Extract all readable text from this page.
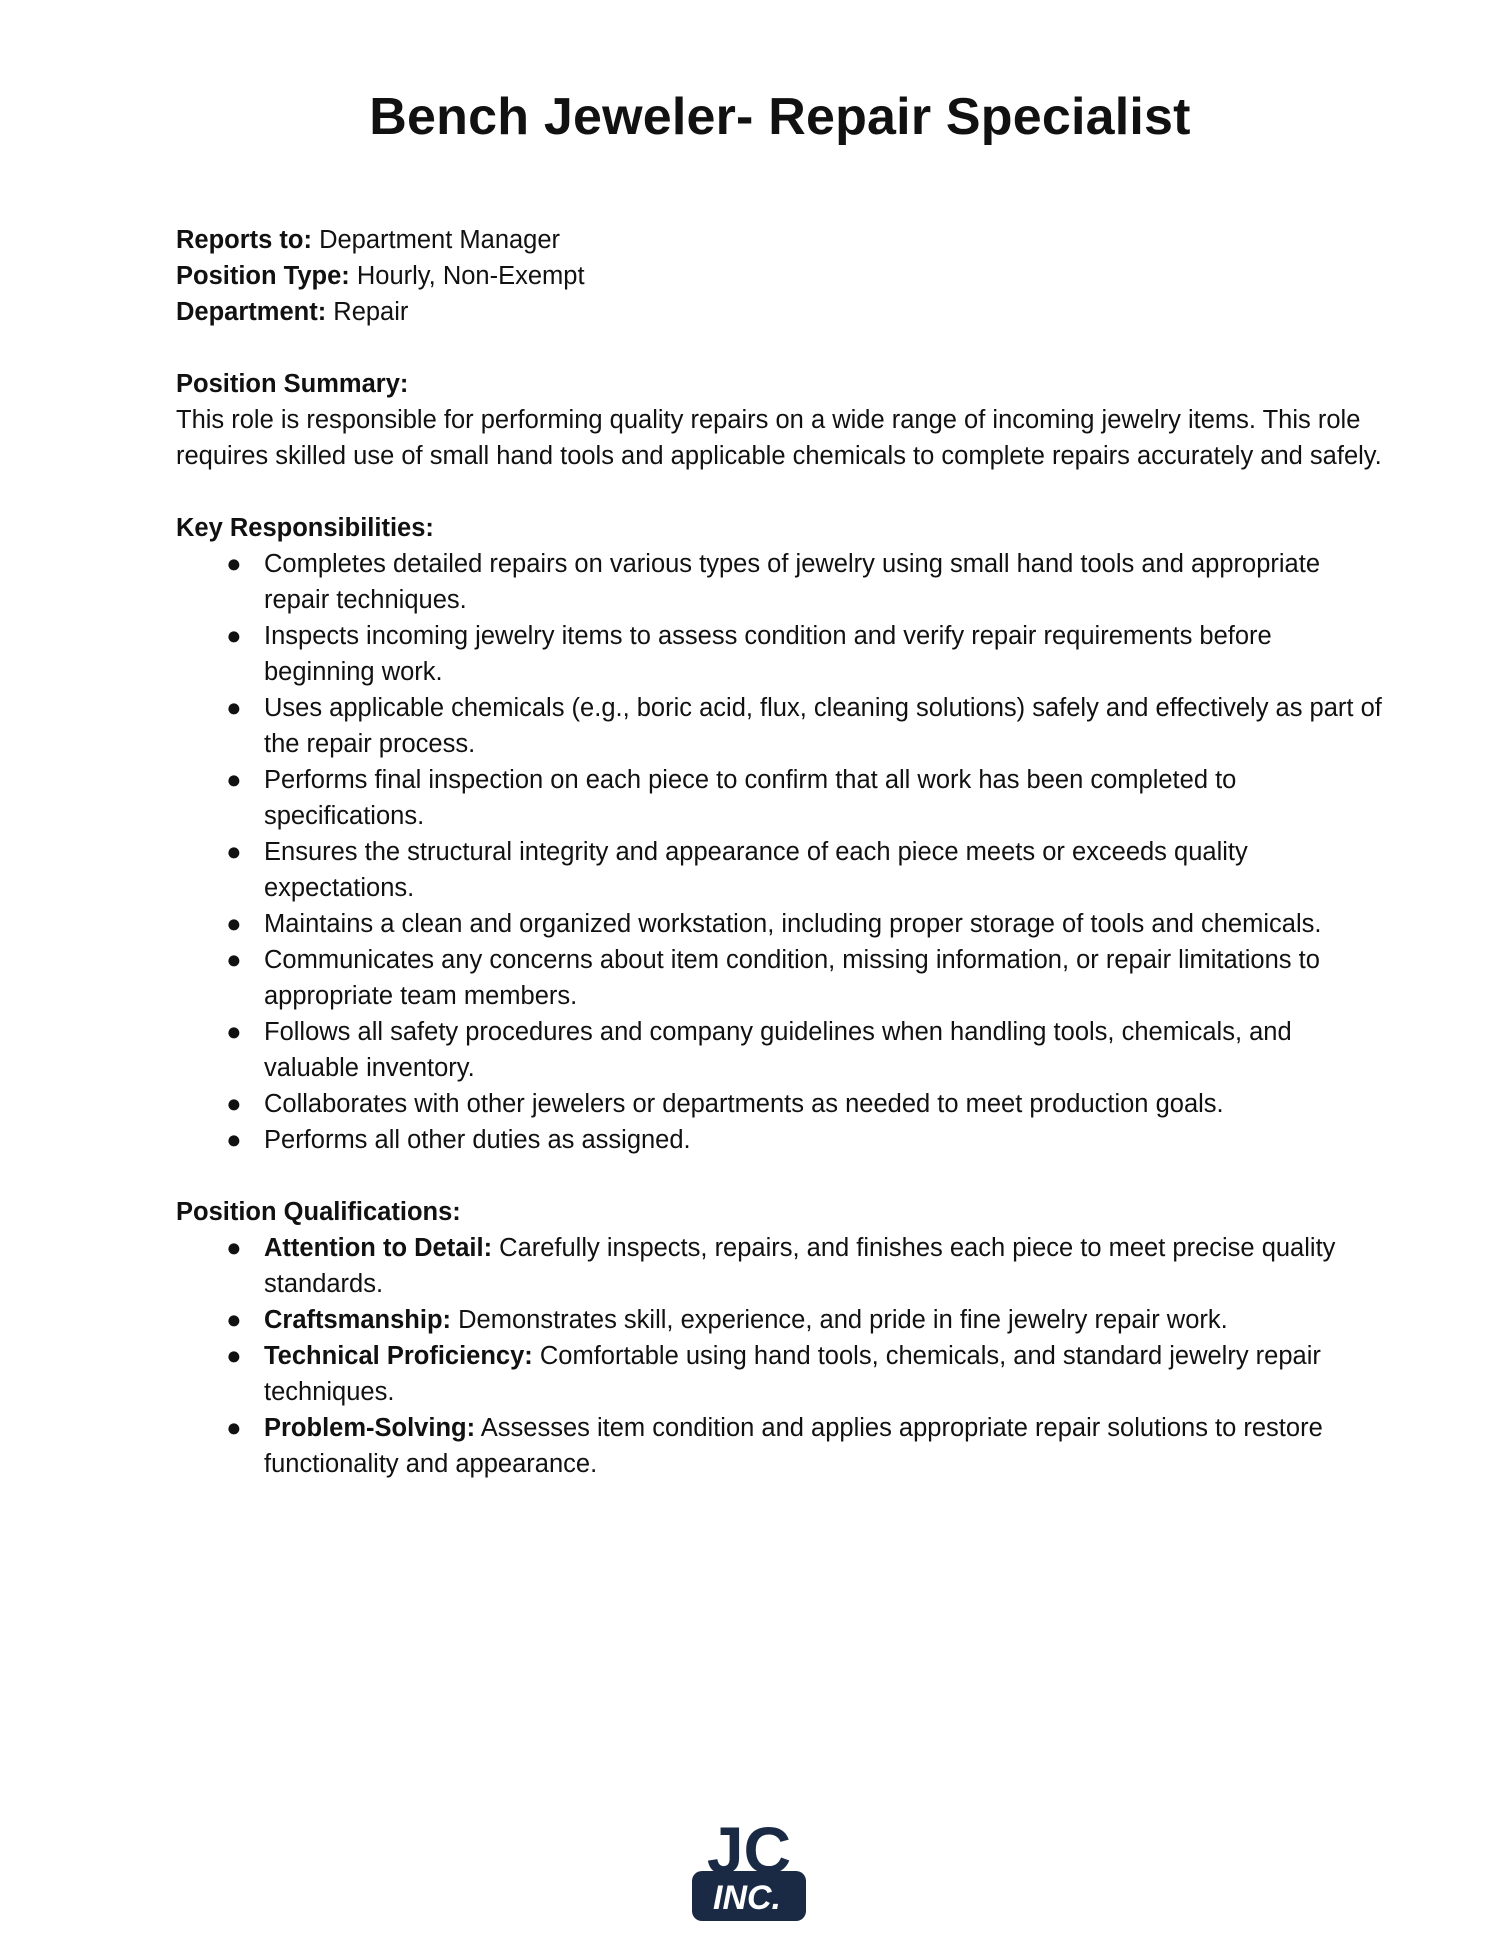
Bench Jeweler- Repair Specialist

Reports to: Department Manager

Position Type: Hourly, Non-Exempt

Department: Repair

Position Summary:

This role is responsible for performing quality repairs on a wide range of incoming jewelry items. This role requires skilled use of small hand tools and applicable chemicals to complete repairs accurately and safely.

Key Responsibilities:

● Completes detailed repairs on various types of jewelry using small hand tools and appropriate repair techniques.
● Inspects incoming jewelry items to assess condition and verify repair requirements before beginning work.
● Uses applicable chemicals (e.g., boric acid, flux, cleaning solutions) safely and effectively as part of the repair process.
● Performs final inspection on each piece to confirm that all work has been completed to specifications.
● Ensures the structural integrity and appearance of each piece meets or exceeds quality expectations.
● Maintains a clean and organized workstation, including proper storage of tools and chemicals.
● Communicates any concerns about item condition, missing information, or repair limitations to appropriate team members.
● Follows all safety procedures and company guidelines when handling tools, chemicals, and valuable inventory.
● Collaborates with other jewelers or departments as needed to meet production goals.
● Performs all other duties as assigned.

Position Qualifications:

● Attention to Detail: Carefully inspects, repairs, and finishes each piece to meet precise quality standards.
● Craftsmanship: Demonstrates skill, experience, and pride in fine jewelry repair work.
● Technical Proficiency: Comfortable using hand tools, chemicals, and standard jewelry repair techniques.
● Problem-Solving: Assesses item condition and applies appropriate repair solutions to restore functionality and appearance.
JC
INC.
